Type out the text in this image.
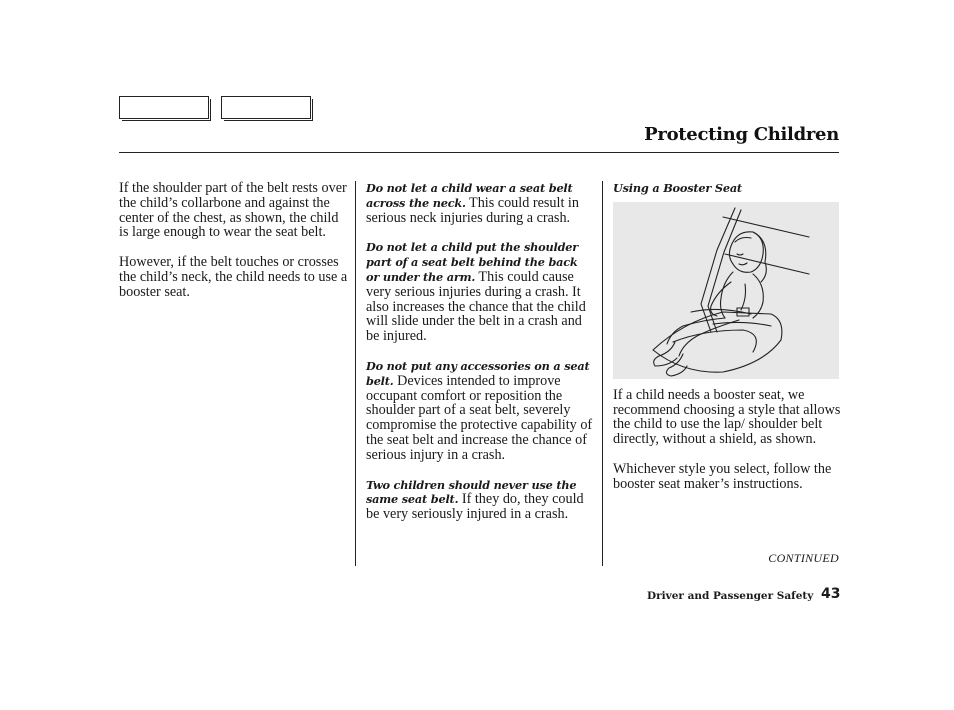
Protecting Children

If the shoulder part of the belt rests over the child’s collarbone and against the center of the chest, as shown, the child is large enough to wear the seat belt.

However, if the belt touches or crosses the child’s neck, the child needs to use a booster seat.

Do not let a child wear a seat belt across the neck. This could result in serious neck injuries during a crash.

Do not let a child put the shoulder part of a seat belt behind the back or under the arm. This could cause very serious injuries during a crash. It also increases the chance that the child will slide under the belt in a crash and be injured.

Do not put any accessories on a seat belt. Devices intended to improve occupant comfort or reposition the shoulder part of a seat belt, severely compromise the protective capability of the seat belt and increase the chance of serious injury in a crash.

Two children should never use the same seat belt. If they do, they could be very seriously injured in a crash.

Using a Booster Seat

If a child needs a booster seat, we recommend choosing a style that allows the child to use the lap/ shoulder belt directly, without a shield, as shown.

Whichever style you select, follow the booster seat maker’s instructions.

CONTINUED
Driver and Passenger Safety 43
